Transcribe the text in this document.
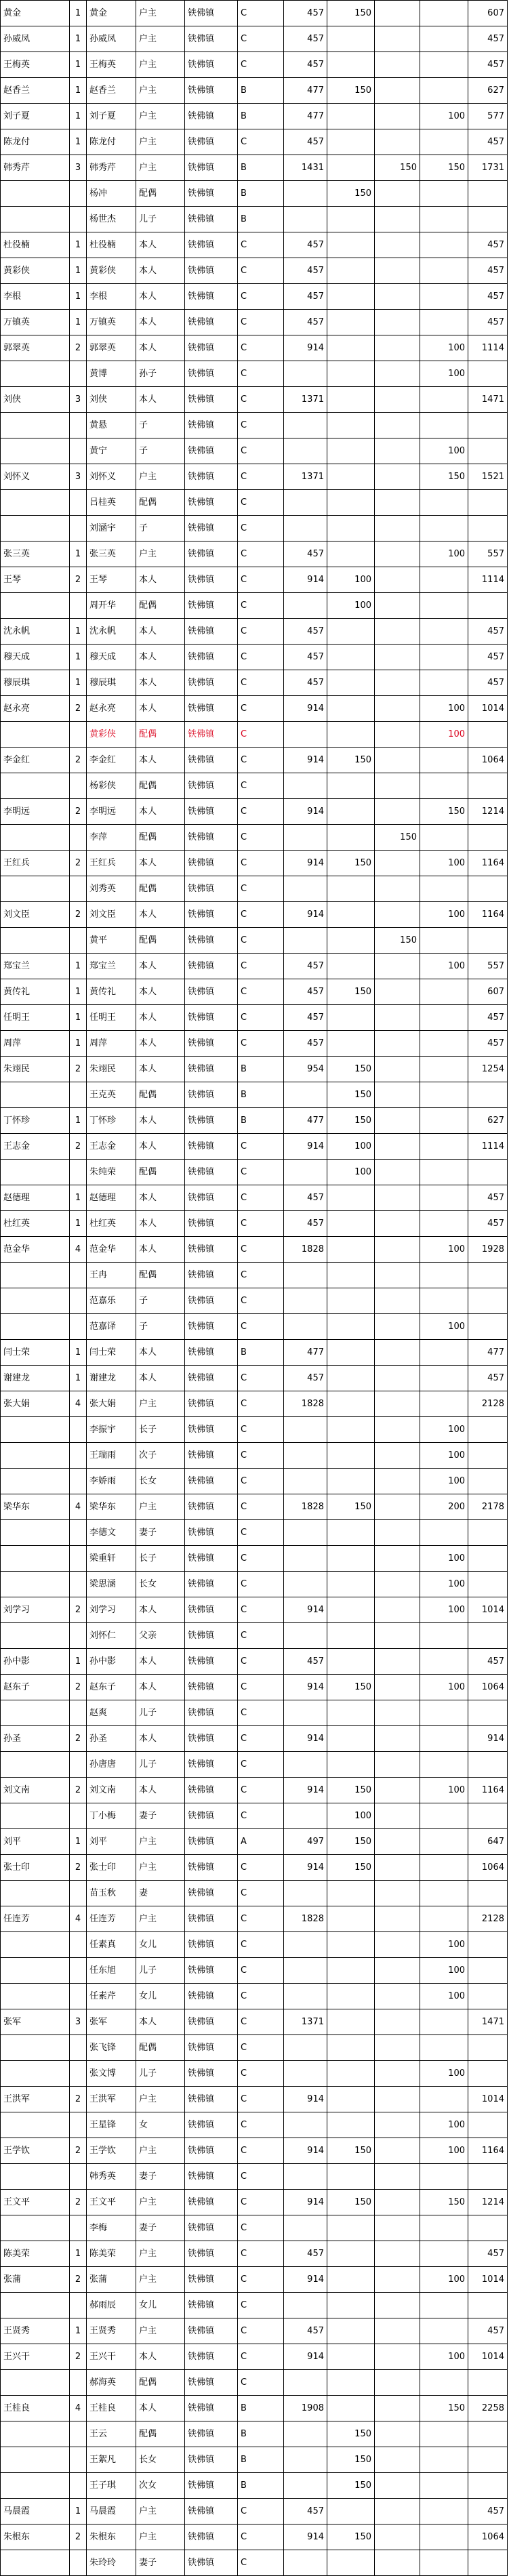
黄金	1	黄金	户主	铁佛镇	C	457	150			607
孙威凤	1	孙威凤	户主	铁佛镇	C	457				457
王梅英	1	王梅英	户主	铁佛镇	C	457				457
赵香兰	1	赵香兰	户主	铁佛镇	B	477	150			627
刘子夏	1	刘子夏	户主	铁佛镇	B	477			100	577
陈龙付	1	陈龙付	户主	铁佛镇	C	457				457
韩秀芹	3	韩秀芹	户主	铁佛镇	B	1431		150	150	1731
		杨冲	配偶	铁佛镇	B		150			
		杨世杰	儿子	铁佛镇	B					
杜役楠	1	杜役楠	本人	铁佛镇	C	457				457
黄彩侠	1	黄彩侠	本人	铁佛镇	C	457				457
李根	1	李根	本人	铁佛镇	C	457				457
万镇英	1	万镇英	本人	铁佛镇	C	457				457
郭翠英	2	郭翠英	本人	铁佛镇	C	914			100	1114
		黄博	孙子	铁佛镇	C				100	
刘侠	3	刘侠	本人	铁佛镇	C	1371				1471
		黄悬	子	铁佛镇	C					
		黄宁	子	铁佛镇	C				100	
刘怀义	3	刘怀义	户主	铁佛镇	C	1371			150	1521
		吕桂英	配偶	铁佛镇	C					
		刘涵宇	子	铁佛镇	C					
张三英	1	张三英	户主	铁佛镇	C	457			100	557
王琴	2	王琴	本人	铁佛镇	C	914	100			1114
		周开华	配偶	铁佛镇	C		100			
沈永帆	1	沈永帆	本人	铁佛镇	C	457				457
穆天成	1	穆天成	本人	铁佛镇	C	457				457
穆辰琪	1	穆辰琪	本人	铁佛镇	C	457				457
赵永亮	2	赵永亮	本人	铁佛镇	C	914			100	1014
		黄彩侠	配偶	铁佛镇	C				100	
李金红	2	李金红	本人	铁佛镇	C	914	150			1064
		杨彩侠	配偶	铁佛镇	C					
李明远	2	李明远	本人	铁佛镇	C	914			150	1214
		李萍	配偶	铁佛镇	C			150		
王红兵	2	王红兵	本人	铁佛镇	C	914	150		100	1164
		刘秀英	配偶	铁佛镇	C					
刘文臣	2	刘文臣	本人	铁佛镇	C	914			100	1164
		黄平	配偶	铁佛镇	C			150		
郑宝兰	1	郑宝兰	本人	铁佛镇	C	457			100	557
黄传礼	1	黄传礼	本人	铁佛镇	C	457	150			607
任明王	1	任明王	本人	铁佛镇	C	457				457
周萍	1	周萍	本人	铁佛镇	C	457				457
朱翊民	2	朱翊民	本人	铁佛镇	B	954	150			1254
		王克英	配偶	铁佛镇	B		150			
丁怀珍	1	丁怀珍	本人	铁佛镇	B	477	150			627
王志金	2	王志金	本人	铁佛镇	C	914	100			1114
		朱纯荣	配偶	铁佛镇	C		100			
赵德理	1	赵德理	本人	铁佛镇	C	457				457
杜红英	1	杜红英	本人	铁佛镇	C	457				457
范金华	4	范金华	本人	铁佛镇	C	1828			100	1928
		王冉	配偶	铁佛镇	C					
		范嘉乐	子	铁佛镇	C					
		范嘉译	子	铁佛镇	C				100	
闫士荣	1	闫士荣	本人	铁佛镇	B	477				477
谢建龙	1	谢建龙	本人	铁佛镇	C	457				457
张大娟	4	张大娟	户主	铁佛镇	C	1828				2128
		李振宇	长子	铁佛镇	C				100	
		王瑞雨	次子	铁佛镇	C				100	
		李娇雨	长女	铁佛镇	C				100	
梁华东	4	梁华东	户主	铁佛镇	C	1828	150		200	2178
		李德文	妻子	铁佛镇	C					
		梁重轩	长子	铁佛镇	C				100	
		梁思涵	长女	铁佛镇	C				100	
刘学习	2	刘学习	本人	铁佛镇	C	914			100	1014
		刘怀仁	父亲	铁佛镇	C					
孙中影	1	孙中影	本人	铁佛镇	C	457				457
赵东子	2	赵东子	本人	铁佛镇	C	914	150		100	1064
		赵爽	儿子	铁佛镇	C					
孙圣	2	孙圣	本人	铁佛镇	C	914				914
		孙唐唐	儿子	铁佛镇	C					
刘文南	2	刘文南	本人	铁佛镇	C	914	150		100	1164
		丁小梅	妻子	铁佛镇	C		100			
刘平	1	刘平	户主	铁佛镇	A	497	150			647
张士印	2	张士印	户主	铁佛镇	C	914	150			1064
		苗玉秋	妻	铁佛镇	C					
任连芳	4	任连芳	户主	铁佛镇	C	1828				2128
		任素真	女儿	铁佛镇	C				100	
		任东旭	儿子	铁佛镇	C				100	
		任素芹	女儿	铁佛镇	C				100	
张军	3	张军	本人	铁佛镇	C	1371				1471
		张飞锋	配偶	铁佛镇	C					
		张文博	儿子	铁佛镇	C				100	
王洪军	2	王洪军	户主	铁佛镇	C	914				1014
		王星锋	女	铁佛镇	C				100	
王学钦	2	王学钦	户主	铁佛镇	C	914	150		100	1164
		韩秀英	妻子	铁佛镇	C					
王文平	2	王文平	户主	铁佛镇	C	914	150		150	1214
		李梅	妻子	铁佛镇	C					
陈美荣	1	陈美荣	户主	铁佛镇	C	457				457
张蒲	2	张蒲	户主	铁佛镇	C	914			100	1014
		郝雨辰	女儿	铁佛镇	C					
王贤秀	1	王贤秀	户主	铁佛镇	C	457				457
王兴干	2	王兴干	本人	铁佛镇	C	914			100	1014
		郝海英	配偶	铁佛镇	C					
王桂良	4	王桂良	本人	铁佛镇	B	1908			150	2258
		王云	配偶	铁佛镇	B		150			
		王絮凡	长女	铁佛镇	B		150			
		王子琪	次女	铁佛镇	B		150			
马晨霞	1	马晨霞	户主	铁佛镇	C	457				457
朱根东	2	朱根东	户主	铁佛镇	C	914	150			1064
		朱玲玲	妻子	铁佛镇	C					
